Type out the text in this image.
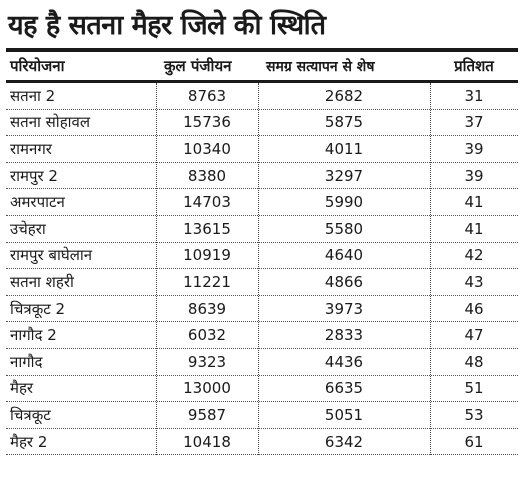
यह है सतना मैहर जिले की स्थिति
परियोजना	कुल पंजीयन	समग्र सत्यापन से शेष	प्रतिशत
सतना 2	8763	2682	31
सतना सोहावल	15736	5875	37
रामनगर	10340	4011	39
रामपुर 2	8380	3297	39
अमरपाटन	14703	5990	41
उचेहरा	13615	5580	41
रामपुर बाघेलान	10919	4640	42
सतना शहरी	11221	4866	43
चित्रकूट 2	8639	3973	46
नागौद 2	6032	2833	47
नागौद	9323	4436	48
मैहर	13000	6635	51
चित्रकूट	9587	5051	53
मैहर 2	10418	6342	61
